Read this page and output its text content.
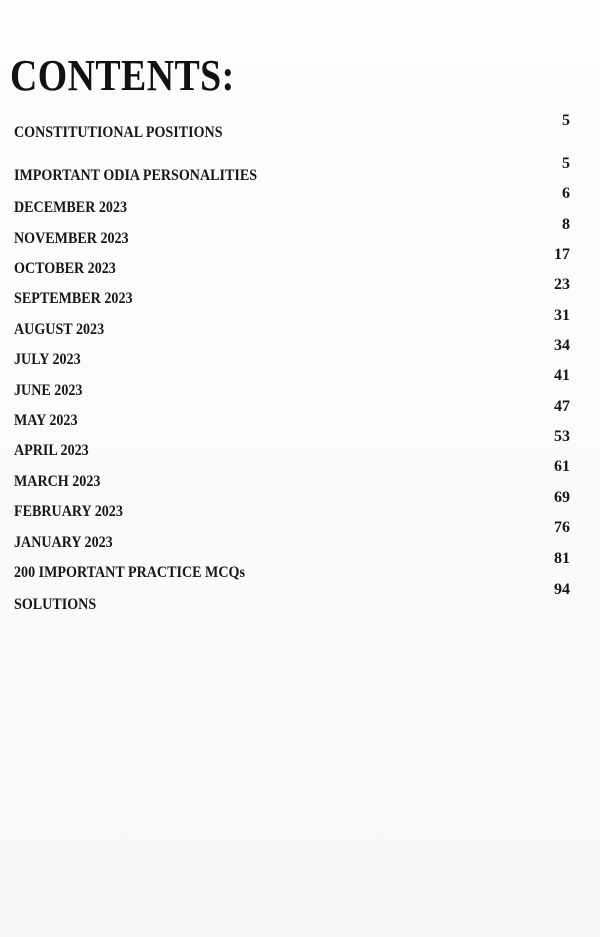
CONTENTS:
CONSTITUTIONAL POSITIONS
5
IMPORTANT ODIA PERSONALITIES
5
DECEMBER 2023
6
NOVEMBER 2023
8
OCTOBER 2023
17
SEPTEMBER 2023
23
AUGUST 2023
31
JULY 2023
34
JUNE 2023
41
MAY 2023
47
APRIL 2023
53
MARCH 2023
61
FEBRUARY 2023
69
JANUARY 2023
76
200 IMPORTANT PRACTICE MCQs
81
SOLUTIONS
94
